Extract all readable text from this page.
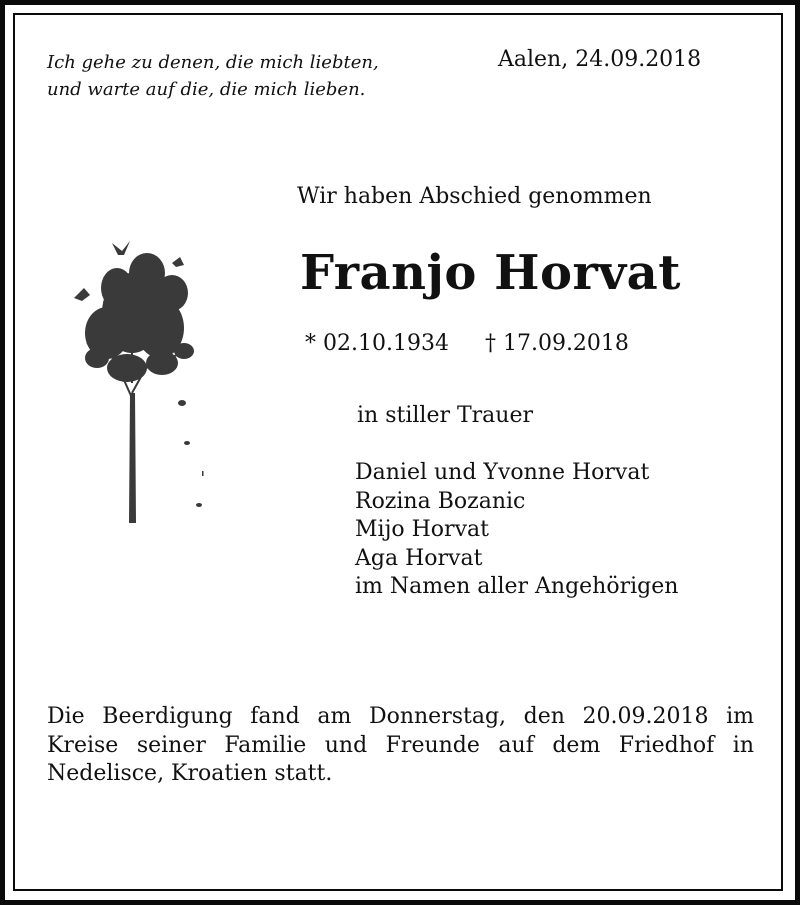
Ich gehe zu denen, die mich liebten,
und warte auf die, die mich lieben.
Aalen, 24.09.2018
Wir haben Abschied genommen
Franjo Horvat
* 02.10.1934 † 17.09.2018
in stiller Trauer
Daniel und Yvonne Horvat
Rozina Bozanic
Mijo Horvat
Aga Horvat
im Namen aller Angehörigen
Die Beerdigung fand am Donnerstag, den 20.09.2018 im Kreise seiner Familie und Freunde auf dem Friedhof in Nedelisce, Kroatien statt.
